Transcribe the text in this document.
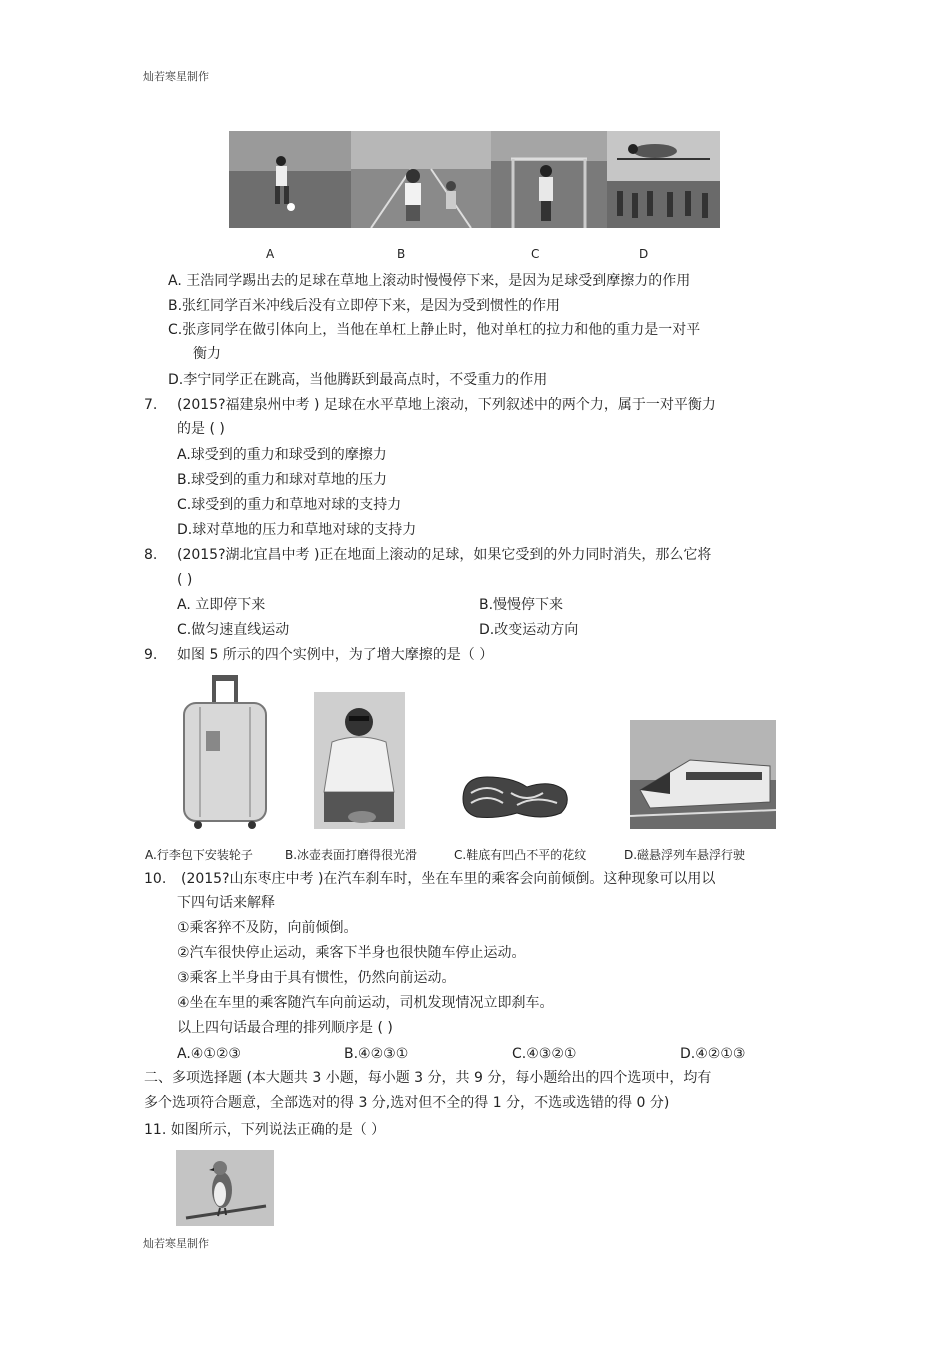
灿若寒星制作
A	B	C	D
A. 王浩同学踢出去的足球在草地上滚动时慢慢停下来，是因为足球受到摩擦力的作用
B.张红同学百米冲线后没有立即停下来，是因为受到惯性的作用
C.张彦同学在做引体向上，当他在单杠上静止时，他对单杠的拉力和他的重力是一对平
衡力
D.李宁同学正在跳高，当他腾跃到最高点时，不受重力的作用
7. (2015?福建泉州中考 ) 足球在水平草地上滚动，下列叙述中的两个力，属于一对平衡力
的是 ( )
A.球受到的重力和球受到的摩擦力
B.球受到的重力和球对草地的压力
C.球受到的重力和草地对球的支持力
D.球对草地的压力和草地对球的支持力
8. (2015?湖北宜昌中考 )正在地面上滚动的足球，如果它受到的外力同时消失，那么它将
( )
A. 立即停下来	B.慢慢停下来
C.做匀速直线运动	D.改变运动方向
9. 如图 5 所示的四个实例中，为了增大摩擦的是（ ）
A.行李包下安装轮子	B.冰壶表面打磨得很光滑	C.鞋底有凹凸不平的花纹	D.磁悬浮列车悬浮行驶
10. (2015?山东枣庄中考 )在汽车刹车时，坐在车里的乘客会向前倾倒。这种现象可以用以
下四句话来解释
①乘客猝不及防，向前倾倒。
②汽车很快停止运动，乘客下半身也很快随车停止运动。
③乘客上半身由于具有惯性，仍然向前运动。
④坐在车里的乘客随汽车向前运动，司机发现情况立即刹车。
以上四句话最合理的排列顺序是 ( )
A.④①②③	B.④②③①	C.④③②①	D.④②①③
二、多项选择题 (本大题共 3 小题，每小题 3 分，共 9 分，每小题给出的四个选项中，均有
多个选项符合题意，全部选对的得 3 分,选对但不全的得 1 分，不选或选错的得 0 分)
11. 如图所示，下列说法正确的是（ ）
灿若寒星制作
